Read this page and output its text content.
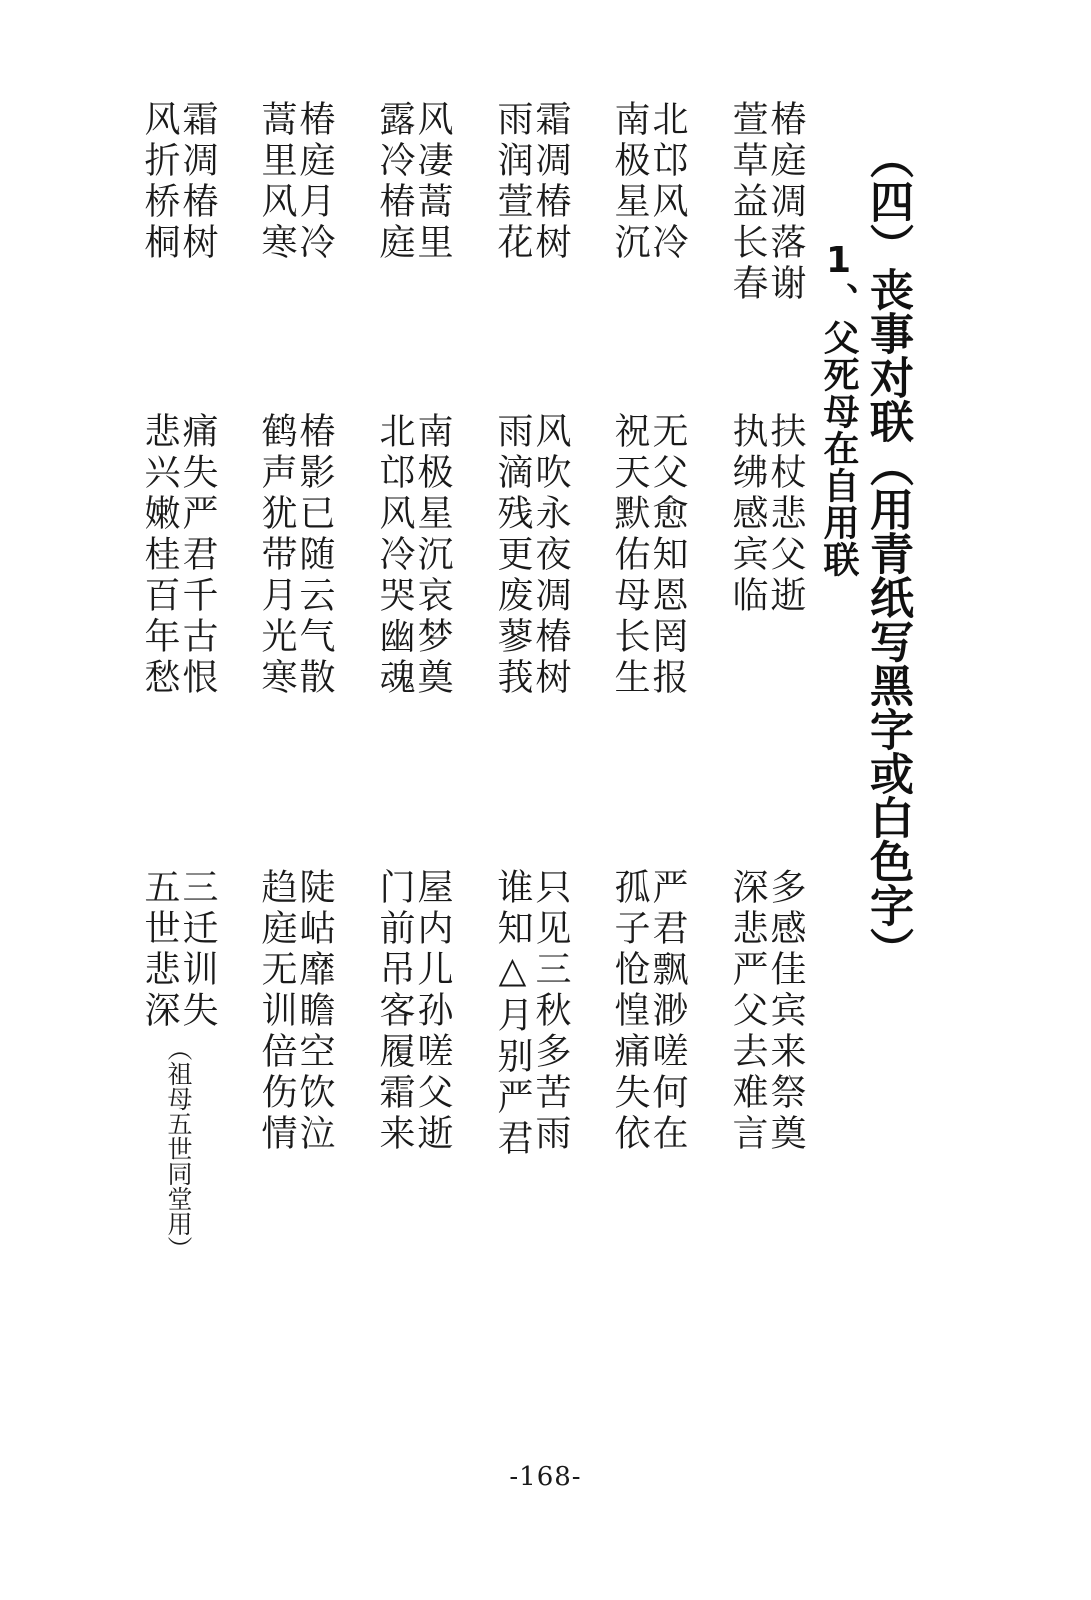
（四）丧事对联（用青纸写黑字或白色字）
1、父死母在自用联
椿庭凋落谢
萱草益长春
北邙风冷
南极星沉
霜凋椿树
雨润萱花
风凄蒿里
露冷椿庭
椿庭月冷
蒿里风寒
霜凋椿树
风折桥桐
扶杖悲父逝
执绋感宾临
无父愈知恩罔报
祝天默佑母长生
风吹永夜凋椿树
雨滴残更废蓼莪
南极星沉哀梦奠
北邙风冷哭幽魂
椿影已随云气散
鹤声犹带月光寒
痛失严君千古恨
悲兴嫩桂百年愁
多感佳宾来祭奠
深悲严父去难言
严君飘渺嗟何在
孤子怆惶痛失依
只见三秋多苦雨
谁知△月别严君
屋内儿孙嗟父逝
门前吊客履霜来
陡岵靡瞻空饮泣
趋庭无训倍伤情
三迁训失
五世悲深
（祖母五世同堂用）
-168-
